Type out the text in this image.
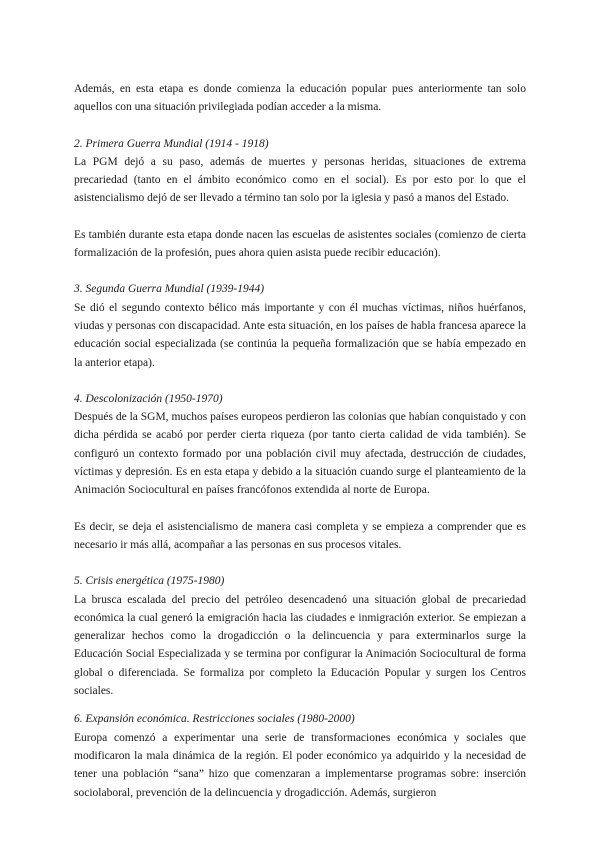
Además, en esta etapa es donde comienza la educación popular pues anteriormente tan solo aquellos con una situación privilegiada podían acceder a la misma.

2. Primera Guerra Mundial (1914 - 1918)

La PGM dejó a su paso, además de muertes y personas heridas, situaciones de extrema precariedad (tanto en el ámbito económico como en el social). Es por esto por lo que el asistencialismo dejó de ser llevado a término tan solo por la iglesia y pasó a manos del Estado.

Es también durante esta etapa donde nacen las escuelas de asistentes sociales (comienzo de cierta formalización de la profesión, pues ahora quien asista puede recibir educación).

3. Segunda Guerra Mundial (1939-1944)

Se dió el segundo contexto bélico más importante y con él muchas víctimas, niños huérfanos, viudas y personas con discapacidad. Ante esta situación, en los países de habla francesa aparece la educación social especializada (se continúa la pequeña formalización que se había empezado en la anterior etapa).

4. Descolonización (1950-1970)

Después de la SGM, muchos países europeos perdieron las colonias que habían conquistado y con dicha pérdida se acabó por perder cierta riqueza (por tanto cierta calidad de vida también). Se configuró un contexto formado por una población civil muy afectada, destrucción de ciudades, víctimas y depresión. Es en esta etapa y debido a la situación cuando surge el planteamiento de la Animación Sociocultural en países francófonos extendida al norte de Europa.

Es decir, se deja el asistencialismo de manera casi completa y se empieza a comprender que es necesario ir más allá, acompañar a las personas en sus procesos vitales.

5. Crisis energética (1975-1980)

La brusca escalada del precio del petróleo desencadenó una situación global de precariedad económica la cual generó la emigración hacia las ciudades e inmigración exterior. Se empiezan a generalizar hechos como la drogadicción o la delincuencia y para exterminarlos surge la Educación Social Especializada y se termina por configurar la Animación Sociocultural de forma global o diferenciada. Se formaliza por completo la Educación Popular y surgen los Centros sociales.

6. Expansión económica. Restricciones sociales (1980-2000)

Europa comenzó a experimentar una serie de transformaciones económica y sociales que modificaron la mala dinámica de la región. El poder económico ya adquirido y la necesidad de tener una población “sana” hizo que comenzaran a implementarse programas sobre: inserción sociolaboral, prevención de la delincuencia y drogadicción. Además, surgieron
